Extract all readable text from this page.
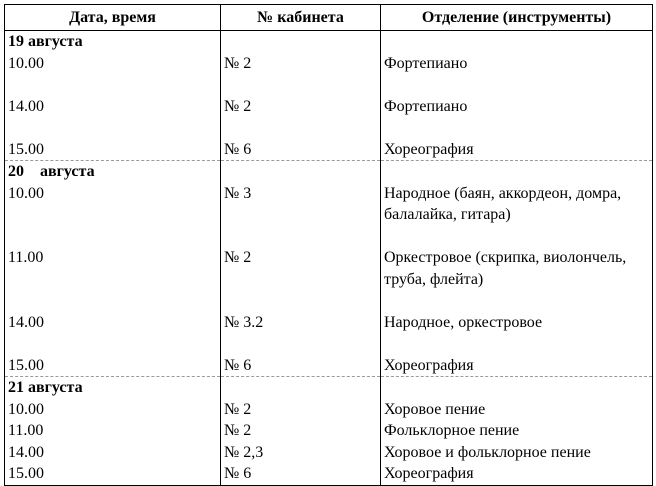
Дата, время	№ кабинета	Отделение (инструменты)
19 августа		
10.00	№ 2	Фортепиано

14.00	№ 2	Фортепиано

15.00	№ 6	Хореография
20    августа		
10.00	№ 3	Народное (баян, аккордеон, домра, балалайка, гитара)

11.00	№ 2	Оркестровое (скрипка, виолончель, труба, флейта)

14.00	№ 3.2	Народное, оркестровое

15.00	№ 6	Хореография
21 августа		
10.00	№ 2	Хоровое пение
11.00	№ 2	Фольклорное пение
14.00	№ 2,3	Хоровое и фольклорное пение
15.00	№ 6	Хореография
